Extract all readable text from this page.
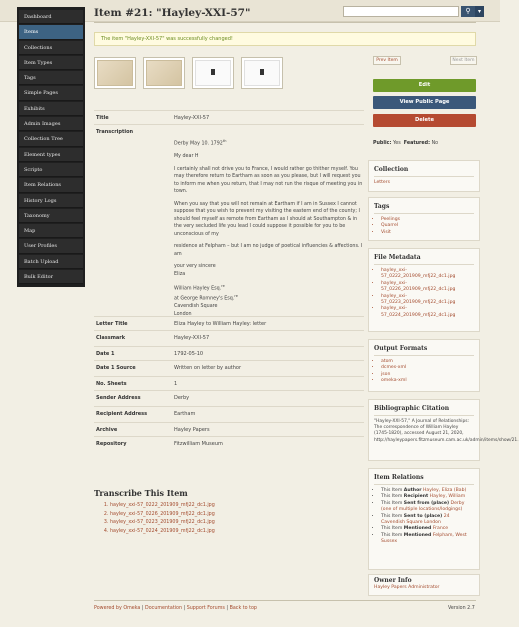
⚲	▾
Dashboard
Items
Collections
Item Types
Tags
Simple Pages
Exhibits
Admin Images
Collection Tree
Element types
Scripto
Item Relations
History Logs
Taxonomy
Map
User Profiles
Batch Upload
Bulk Editor
Item #21: "Hayley-XXI-57"
The item "Hayley-XXI-57" was successfully changed!
Prev Item	Next Item
Title	Hayley-XXI-57
Transcription

Derby May 10. 1792th

My dear H

I certainly shall not drive you to France, I would rather go thither myself. You may therefore return to Eartham as soon as you please, but I will request you to inform me when you return, that I may not run the risque of meeting you in town.

When you say that you will not remain at Eartham if I am in Sussex I cannot suppose that you wish to prevent my visiting the eastern end of the county; I should feel myself as remote from Eartham as I should at Southampton & in the very secluded life you lead I could suppose it possible for you to be unconscious of my

residence at Felpham – but I am no judge of poetical influencies & affections. I am

your very sincere

Eliza

William Hayley Esq.$^{re}$

at George Romney's Esq.$^{re}$

Cavendish Square

London

Letter Title	Eliza Hayley to William Hayley: letter
Classmark	Hayley-XXI-57
Date 1	1792-05-10
Date 1 Source	Written on letter by author
No. Sheets	1
Sender Address	Derby
Recipient Address	Eartham
Archive	Hayley Papers
Repository	Fitzwilliam Museum
Transcribe This Item
1. hayley_xxi-57_0222_201909_mfj22_dc1.jpg
2. hayley_xxi-57_0226_201909_mfj22_dc1.jpg
3. hayley_xxi-57_0223_201909_mfj22_dc1.jpg
4. hayley_xxi-57_0224_201909_mfj22_dc1.jpg
Edit
View Public Page
Delete
Public: Yes Featured: No
Collection
Letters
Tags
• Peelings
• Quarrel
• Visit
File Metadata
• hayley_xxi-57_0222_201909_mfj22_dc1.jpg
• hayley_xxi-57_0226_201909_mfj22_dc1.jpg
• hayley_xxi-57_0223_201909_mfj22_dc1.jpg
• hayley_xxi-57_0224_201909_mfj22_dc1.jpg
Output Formats
• atom
• dcmes-xml
• json
• omeka-xml
Bibliographic Citation
"Hayley-XXI-57," A Journal of Relationships: The correspondence of William Hayley (1745-1820), accessed August 21, 2020, http://hayleypapers.fitzmuseum.cam.ac.uk/admin/items/show/21.
Item Relations
• This Item Author Hayley, Eliza (Bab)
• This Item Recipient Hayley, William
• This Item Sent from (place) Derby (one of multiple locations/lodgings)
• This Item Sent to (place) 24 Cavendish Square London
• This Item Mentioned France
• This Item Mentioned Felpham, West Sussex
Owner Info
Hayley Papers Administrator
Powered by Omeka | Documentation | Support Forums | Back to top	Version 2.7
